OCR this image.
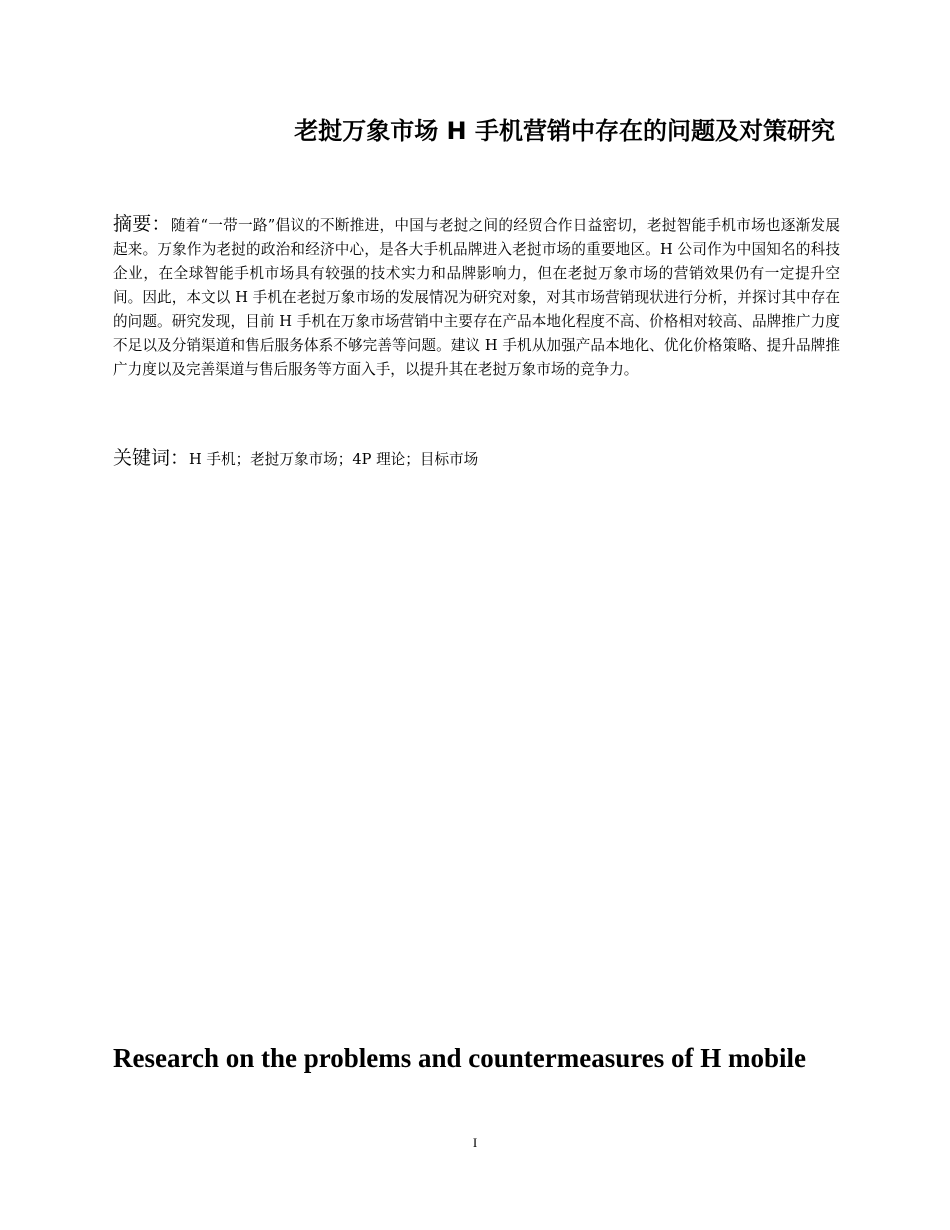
老挝万象市场 H 手机营销中存在的问题及对策研究
摘要：随着“一带一路”倡议的不断推进，中国与老挝之间的经贸合作日益密切，老挝智能手机市场也逐渐发展起来。万象作为老挝的政治和经济中心，是各大手机品牌进入老挝市场的重要地区。H 公司作为中国知名的科技企业，在全球智能手机市场具有较强的技术实力和品牌影响力，但在老挝万象市场的营销效果仍有一定提升空间。因此，本文以 H 手机在老挝万象市场的发展情况为研究对象，对其市场营销现状进行分析，并探讨其中存在的问题。研究发现，目前 H 手机在万象市场营销中主要存在产品本地化程度不高、价格相对较高、品牌推广力度不足以及分销渠道和售后服务体系不够完善等问题。建议 H 手机从加强产品本地化、优化价格策略、提升品牌推广力度以及完善渠道与售后服务等方面入手，以提升其在老挝万象市场的竞争力。
关键词：H 手机；老挝万象市场；4P 理论；目标市场
Research on the problems and countermeasures of H mobile
I
